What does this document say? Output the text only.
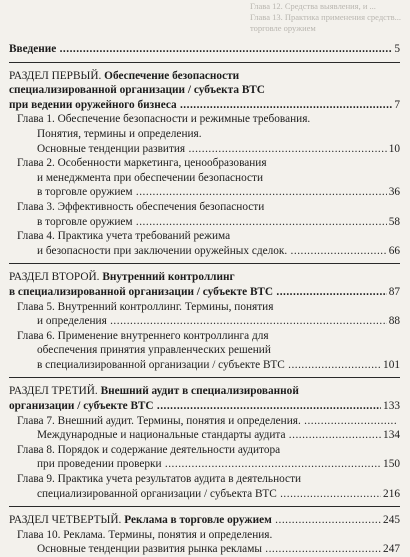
Глава 12. Средства выявления, и ...
Глава 13. Практика применения средств...
торговле оружием
Введение .....	5
РАЗДЕЛ ПЕРВЫЙ. Обеспечение безопасности
специализированной организации / субъекта ВТС
при ведении оружейного бизнеса .....	7
Глава 1. Обеспечение безопасности и режимные требования.
Понятия, термины и определения.
Основные тенденции развития .....	10
Глава 2. Особенности маркетинга, ценообразования
и менеджмента при обеспечении безопасности
в торговле оружием .....	36
Глава 3. Эффективность обеспечения безопасности
в торговле оружием .....	58
Глава 4. Практика учета требований режима
и безопасности при заключении оружейных сделок. .....	66
РАЗДЕЛ ВТОРОЙ. Внутренний контроллинг
в специализированной организации / субъекте ВТС .....	87
Глава 5. Внутренний контроллинг. Термины, понятия
и определения .....	88
Глава 6. Применение внутреннего контроллинга для
обеспечения принятия управленческих решений
в специализированной организации / субъекте ВТС .....	101
РАЗДЕЛ ТРЕТИЙ. Внешний аудит в специализированной
организации / субъекте ВТС .....	133
Глава 7. Внешний аудит. Термины, понятия и определения. .....
Международные и национальные стандарты аудита .....	134
Глава 8. Порядок и содержание деятельности аудитора
при проведении проверки .....	150
Глава 9. Практика учета результатов аудита в деятельности
специализированной организации / субъекта ВТС .....	216
РАЗДЕЛ ЧЕТВЕРТЫЙ. Реклама в торговле оружием .....	245
Глава 10. Реклама. Термины, понятия и определения.
Основные тенденции развития рынка рекламы .....	247
